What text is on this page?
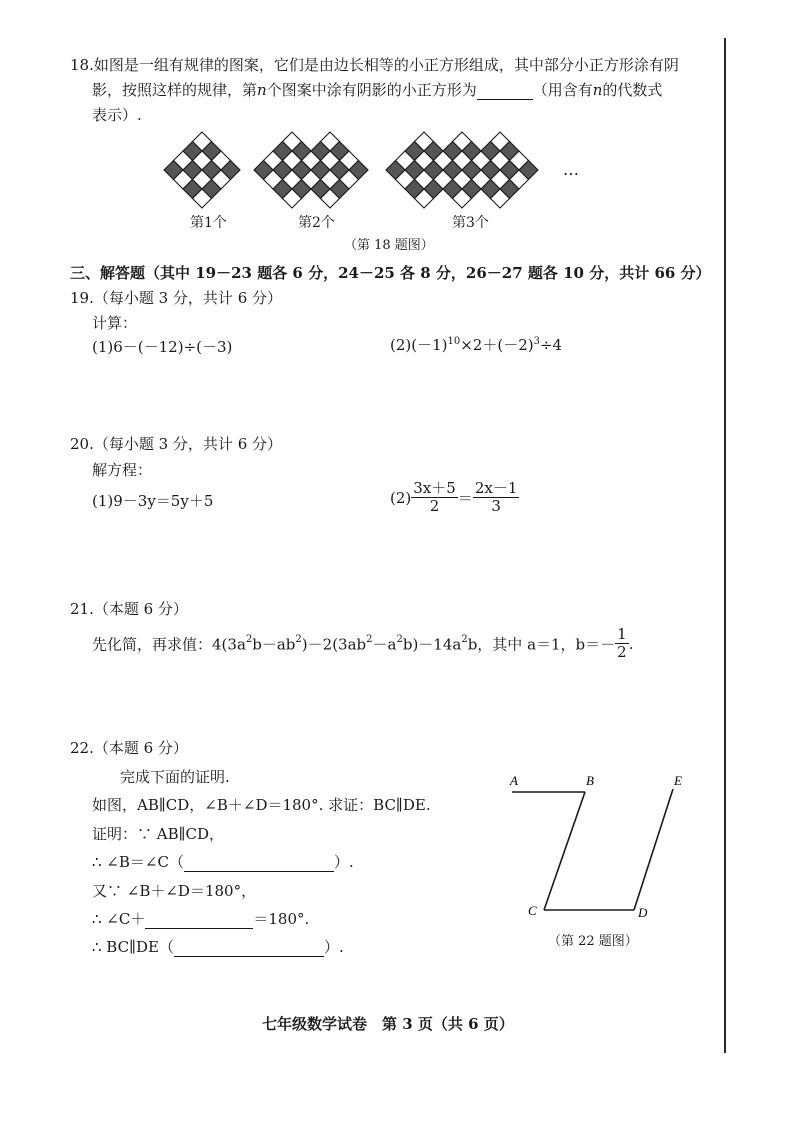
18.如图是一组有规律的图案，它们是由边长相等的小正方形组成，其中部分小正方形涂有阴
影，按照这样的规律，第n个图案中涂有阴影的小正方形为	（用含有n的代数式
表示）.
第1个	第2个	第3个
…
（第 18 题图）
三、解答题（其中 19－23 题各 6 分，24－25 各 8 分，26－27 题各 10 分，共计 66 分）
19.（每小题 3 分，共计 6 分）
计算：
(1)6－(－12)÷(－3)	$(2)(-1)^{10}\times 2+(-2)^3\div 4$
20.（每小题 3 分，共计 6 分）
解方程：
(1)9－3y＝5y＋5	$(2) \frac{3x+5}{2} = \frac{2x-1}{3}$
21.（本题 6 分）
先化简，再求值：$4(3a^2b-ab^2)-2(3ab^2-a^2b)-14a^2b$，其中 a＝1，$b=- \frac{1}{2}$ .
22.（本题 6 分）
完成下面的证明.
如图，AB∥CD，∠B＋∠D＝180°. 求证：BC∥DE.
证明：∵ AB∥CD，
∴ ∠B＝∠C（	）.
又∵ ∠B＋∠D＝180°，
∴ ∠C＋	＝180°.
∴ BC∥DE（	）.
A	B
C	D
E
（第 22 题图）
七年级数学试卷　第 3 页（共 6 页）
